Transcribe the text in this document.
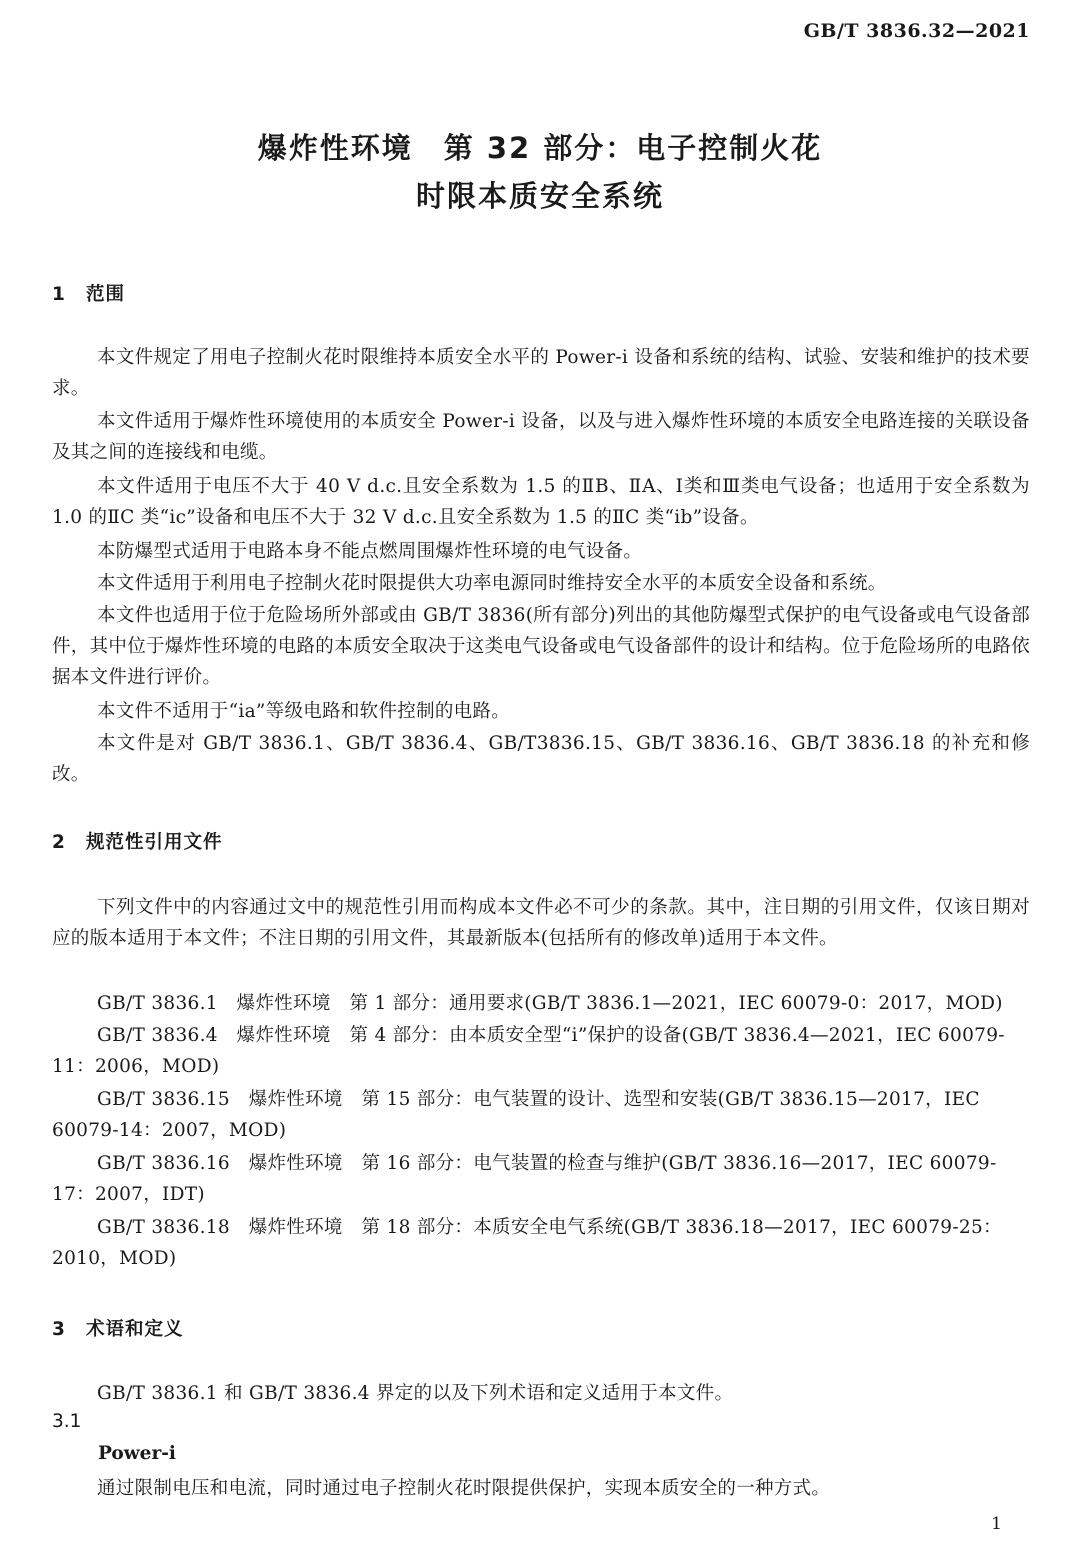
GB/T 3836.32—2021
爆炸性环境　第 32 部分：电子控制火花
时限本质安全系统
1 范围

本文件规定了用电子控制火花时限维持本质安全水平的 Power-i 设备和系统的结构、试验、安装和维护的技术要求。

本文件适用于爆炸性环境使用的本质安全 Power-i 设备，以及与进入爆炸性环境的本质安全电路连接的关联设备及其之间的连接线和电缆。

本文件适用于电压不大于 40 V d.c.且安全系数为 1.5 的ⅡB、ⅡA、Ⅰ类和Ⅲ类电气设备；也适用于安全系数为 1.0 的ⅡC 类“ic”设备和电压不大于 32 V d.c.且安全系数为 1.5 的ⅡC 类“ib”设备。

本防爆型式适用于电路本身不能点燃周围爆炸性环境的电气设备。

本文件适用于利用电子控制火花时限提供大功率电源同时维持安全水平的本质安全设备和系统。

本文件也适用于位于危险场所外部或由 GB/T 3836(所有部分)列出的其他防爆型式保护的电气设备或电气设备部件，其中位于爆炸性环境的电路的本质安全取决于这类电气设备或电气设备部件的设计和结构。位于危险场所的电路依据本文件进行评价。

本文件不适用于“ia”等级电路和软件控制的电路。

本文件是对 GB/T 3836.1、GB/T 3836.4、GB/T3836.15、GB/T 3836.16、GB/T 3836.18 的补充和修改。

2 规范性引用文件

下列文件中的内容通过文中的规范性引用而构成本文件必不可少的条款。其中，注日期的引用文件，仅该日期对应的版本适用于本文件；不注日期的引用文件，其最新版本(包括所有的修改单)适用于本文件。

GB/T 3836.1　爆炸性环境　第 1 部分：通用要求(GB/T 3836.1—2021，IEC 60079-0：2017，MOD)

GB/T 3836.4　爆炸性环境　第 4 部分：由本质安全型“i”保护的设备(GB/T 3836.4—2021，IEC 60079-11：2006，MOD)

GB/T 3836.15　爆炸性环境　第 15 部分：电气装置的设计、选型和安装(GB/T 3836.15—2017，IEC 60079-14：2007，MOD)

GB/T 3836.16　爆炸性环境　第 16 部分：电气装置的检查与维护(GB/T 3836.16—2017，IEC 60079-17：2007，IDT)

GB/T 3836.18　爆炸性环境　第 18 部分：本质安全电气系统(GB/T 3836.18—2017，IEC 60079-25：2010，MOD)

3 术语和定义

GB/T 3836.1 和 GB/T 3836.4 界定的以及下列术语和定义适用于本文件。

3.1
Power-i

通过限制电压和电流，同时通过电子控制火花时限提供保护，实现本质安全的一种方式。

1
